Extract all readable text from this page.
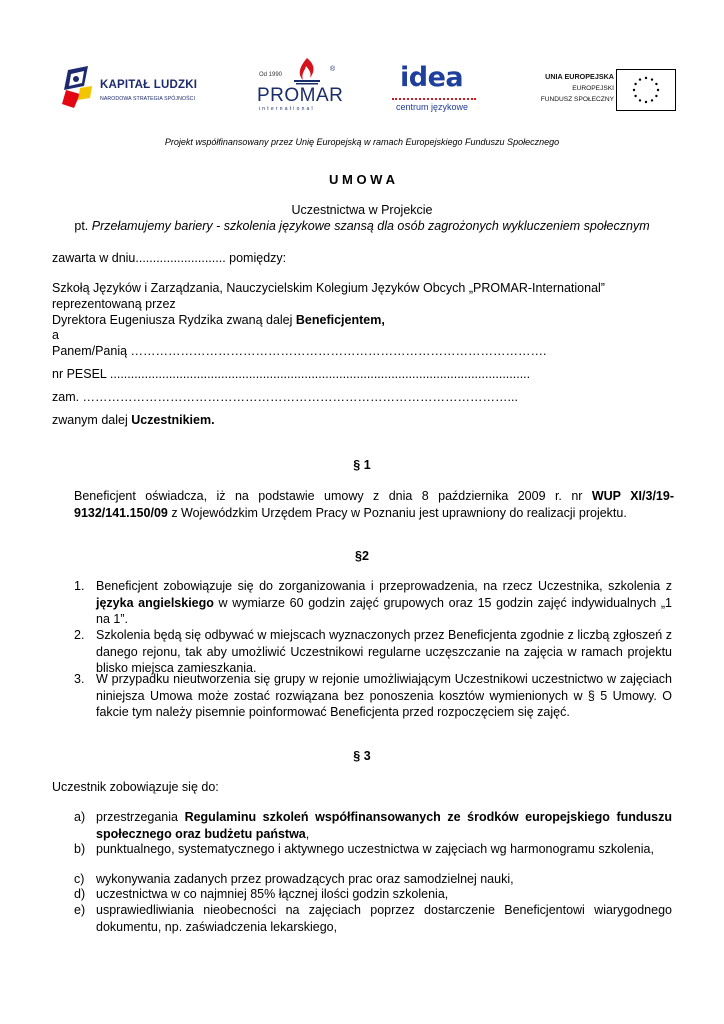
KAPITAŁ LUDZKI
NARODOWA STRATEGIA SPÓJNOŚCI
Od 1990
®
PROMAR
international
idea
centrum językowe
UNIA EUROPEJSKA
EUROPEJSKI
FUNDUSZ SPOŁECZNY
Projekt współfinansowany przez Unię Europejską w ramach Europejskiego Funduszu Społecznego
U M O W A
Uczestnictwa w Projekcie
pt. Przełamujemy bariery - szkolenia językowe szansą dla osób zagrożonych wykluczeniem społecznym
zawarta w dniu.......................... pomiędzy:
Szkołą Języków i Zarządzania, Nauczycielskim Kolegium Języków Obcych „PROMAR-International”
reprezentowaną przez
Dyrektora Eugeniusza Rydzika zwaną dalej Beneficjentem,
a
Panem/Panią ……………………………………………………………………………………….
nr PESEL .........................................................................................................................
zam. …………………………………………………………………………………………...
zwanym dalej Uczestnikiem.
§ 1
Beneficjent oświadcza, iż na podstawie umowy z dnia 8 października 2009 r. nr WUP XI/3/19-9132/141.150/09 z Wojewódzkim Urzędem Pracy w Poznaniu jest uprawniony do realizacji projektu.
§2
1. Beneficjent zobowiązuje się do zorganizowania i przeprowadzenia, na rzecz Uczestnika, szkolenia z języka angielskiego w wymiarze 60 godzin zajęć grupowych oraz 15 godzin zajęć indywidualnych „1 na 1”.
2. Szkolenia będą się odbywać w miejscach wyznaczonych przez Beneficjenta zgodnie z liczbą zgłoszeń z danego rejonu, tak aby umożliwić Uczestnikowi regularne uczęszczanie na zajęcia w ramach projektu blisko miejsca zamieszkania.
3. W przypadku nieutworzenia się grupy w rejonie umożliwiającym Uczestnikowi uczestnictwo w zajęciach niniejsza Umowa może zostać rozwiązana bez ponoszenia kosztów wymienionych w § 5 Umowy. O fakcie tym należy pisemnie poinformować Beneficjenta przed rozpoczęciem się zajęć.
§ 3
Uczestnik zobowiązuje się do:
a) przestrzegania Regulaminu szkoleń współfinansowanych ze środków europejskiego funduszu społecznego oraz budżetu państwa,
b) punktualnego, systematycznego i aktywnego uczestnictwa w zajęciach wg harmonogramu szkolenia,
c) wykonywania zadanych przez prowadzących prac oraz samodzielnej nauki,
d) uczestnictwa w co najmniej 85% łącznej ilości godzin szkolenia,
e) usprawiedliwiania nieobecności na zajęciach poprzez dostarczenie Beneficjentowi wiarygodnego dokumentu, np. zaświadczenia lekarskiego,
